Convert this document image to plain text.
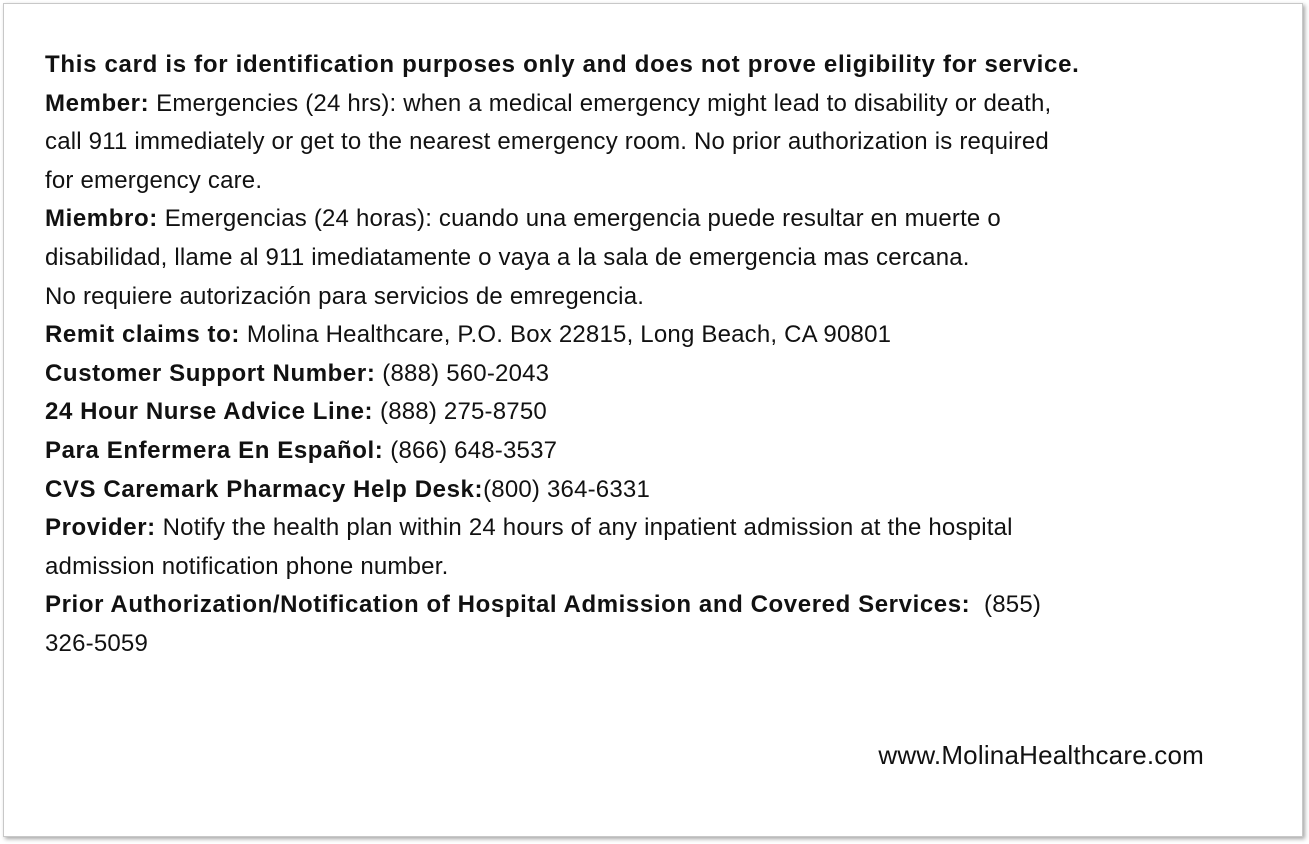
This card is for identification purposes only and does not prove eligibility for service.

Member: Emergencies (24 hrs): when a medical emergency might lead to disability or death,
call 911 immediately or get to the nearest emergency room. No prior authorization is required
for emergency care.

Miembro: Emergencias (24 horas): cuando una emergencia puede resultar en muerte o
disabilidad, llame al 911 imediatamente o vaya a la sala de emergencia mas cercana.
No requiere autorización para servicios de emregencia.

Remit claims to: Molina Healthcare, P.O. Box 22815, Long Beach, CA 90801

Customer Support Number: (888) 560-2043

24 Hour Nurse Advice Line: (888) 275-8750

Para Enfermera En Español: (866) 648-3537

CVS Caremark Pharmacy Help Desk:(800) 364-6331

Provider: Notify the health plan within 24 hours of any inpatient admission at the hospital
admission notification phone number.

Prior Authorization/Notification of Hospital Admission and Covered Services: (855)
326-5059

www.MolinaHealthcare.com
